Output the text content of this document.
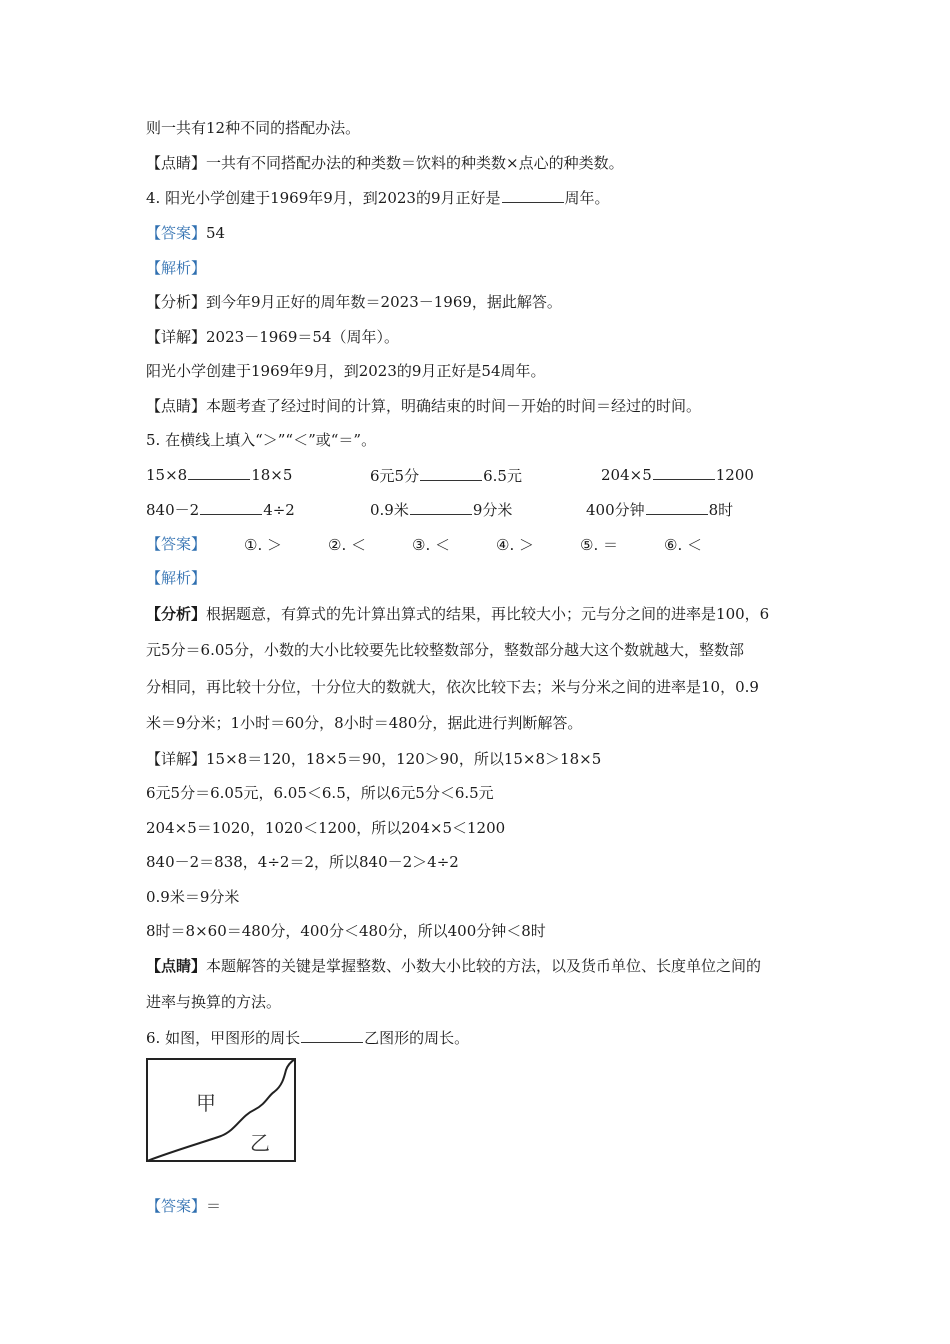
则一共有12种不同的搭配办法。
【点睛】一共有不同搭配办法的种类数＝饮料的种类数×点心的种类数。
4. 阳光小学创建于1969年9月，到2023的9月正好是	周年。
【答案】54
【解析】
【分析】到今年9月正好的周年数＝2023－1969，据此解答。
【详解】2023－1969＝54（周年）。
阳光小学创建于1969年9月，到2023的9月正好是54周年。
【点睛】本题考查了经过时间的计算，明确结束的时间－开始的时间＝经过的时间。
5. 在横线上填入“＞”“＜”或“＝”。
15×8	18×5	6元5分	6.5元	204×5	1200
840－2	4÷2	0.9米	9分米	400分钟	8时
【答案】	①. ＞	②. ＜	③. ＜	④. ＞	⑤. ＝	⑥. ＜
【解析】
【分析】根据题意，有算式的先计算出算式的结果，再比较大小；元与分之间的进率是100，6
元5分＝6.05分，小数的大小比较要先比较整数部分，整数部分越大这个数就越大，整数部
分相同，再比较十分位，十分位大的数就大，依次比较下去；米与分米之间的进率是10，0.9
米＝9分米；1小时＝60分，8小时＝480分，据此进行判断解答。
【详解】15×8＝120，18×5＝90，120＞90，所以15×8＞18×5
6元5分＝6.05元，6.05＜6.5，所以6元5分＜6.5元
204×5＝1020，1020＜1200，所以204×5＜1200
840－2＝838，4÷2＝2，所以840－2＞4÷2
0.9米＝9分米
8时＝8×60＝480分，400分＜480分，所以400分钟＜8时
【点睛】本题解答的关键是掌握整数、小数大小比较的方法，以及货币单位、长度单位之间的
进率与换算的方法。
6. 如图，甲图形的周长	乙图形的周长。
甲
乙
【答案】＝
